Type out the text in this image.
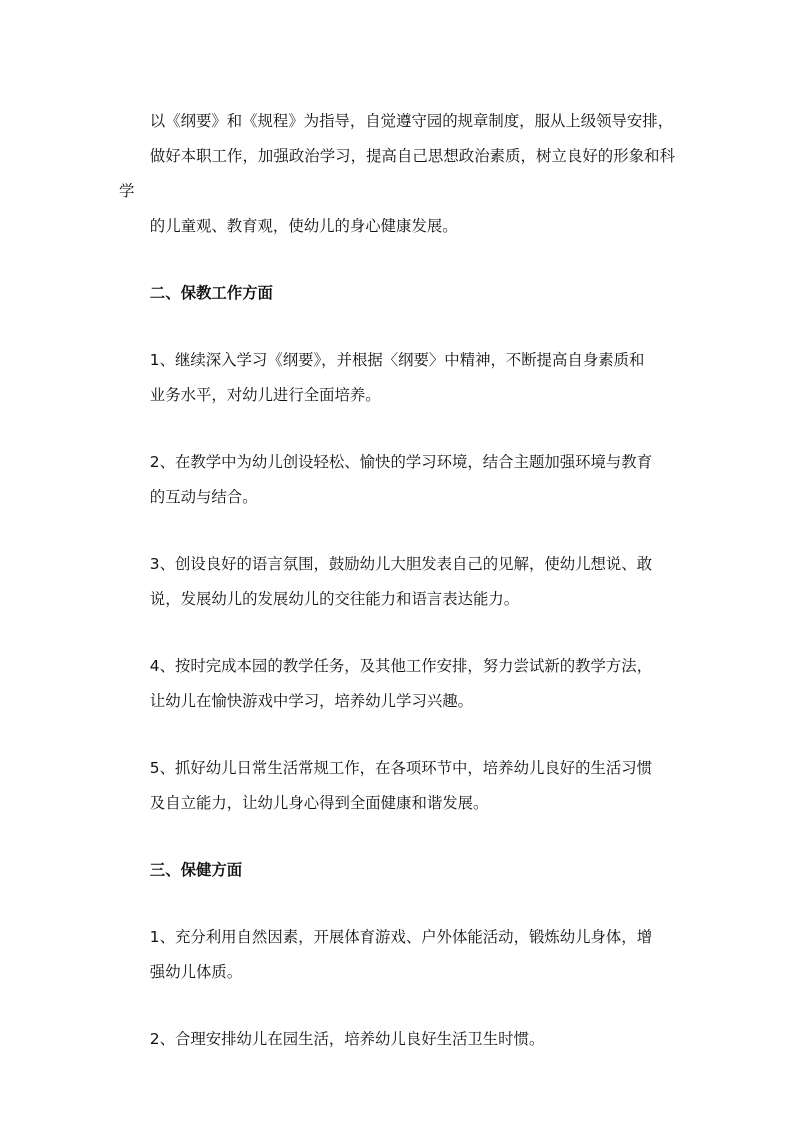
以《纲要》和《规程》为指导，自觉遵守园的规章制度，服从上级领导安排，
做好本职工作，加强政治学习，提高自己思想政治素质，树立良好的形象和科学
的儿童观、教育观，使幼儿的身心健康发展。
二、保教工作方面
1、继续深入学习《纲要》，并根据〈纲要〉中精神，不断提高自身素质和
业务水平，对幼儿进行全面培养。
2、在教学中为幼儿创设轻松、愉快的学习环境，结合主题加强环境与教育
的互动与结合。
3、创设良好的语言氛围，鼓励幼儿大胆发表自己的见解，使幼儿想说、敢
说，发展幼儿的发展幼儿的交往能力和语言表达能力。
4、按时完成本园的教学任务，及其他工作安排，努力尝试新的教学方法，
让幼儿在愉快游戏中学习，培养幼儿学习兴趣。
5、抓好幼儿日常生活常规工作，在各项环节中，培养幼儿良好的生活习惯
及自立能力，让幼儿身心得到全面健康和谐发展。
三、保健方面
1、充分利用自然因素，开展体育游戏、户外体能活动，锻炼幼儿身体，增
强幼儿体质。
2、合理安排幼儿在园生活，培养幼儿良好生活卫生时惯。
